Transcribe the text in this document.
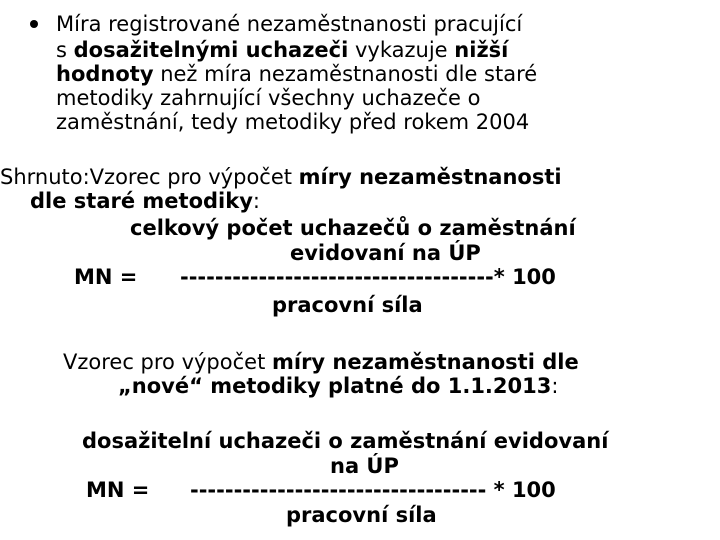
Míra registrované nezaměstnanosti pracující
s dosažitelnými uchazeči vykazuje nižší
hodnoty než míra nezaměstnanosti dle staré
metodiky zahrnující všechny uchazeče o
zaměstnání, tedy metodiky před rokem 2004
Shrnuto:Vzorec pro výpočet míry nezaměstnanosti
dle staré metodiky:
celkový počet uchazečů o zaměstnání
evidovaní na ÚP
MN = ------------------------------------* 100
pracovní síla
Vzorec pro výpočet míry nezaměstnanosti dle
„nové“ metodiky platné do 1.1.2013:
dosažitelní uchazeči o zaměstnání evidovaní
na ÚP
MN = ---------------------------------- * 100
pracovní síla
